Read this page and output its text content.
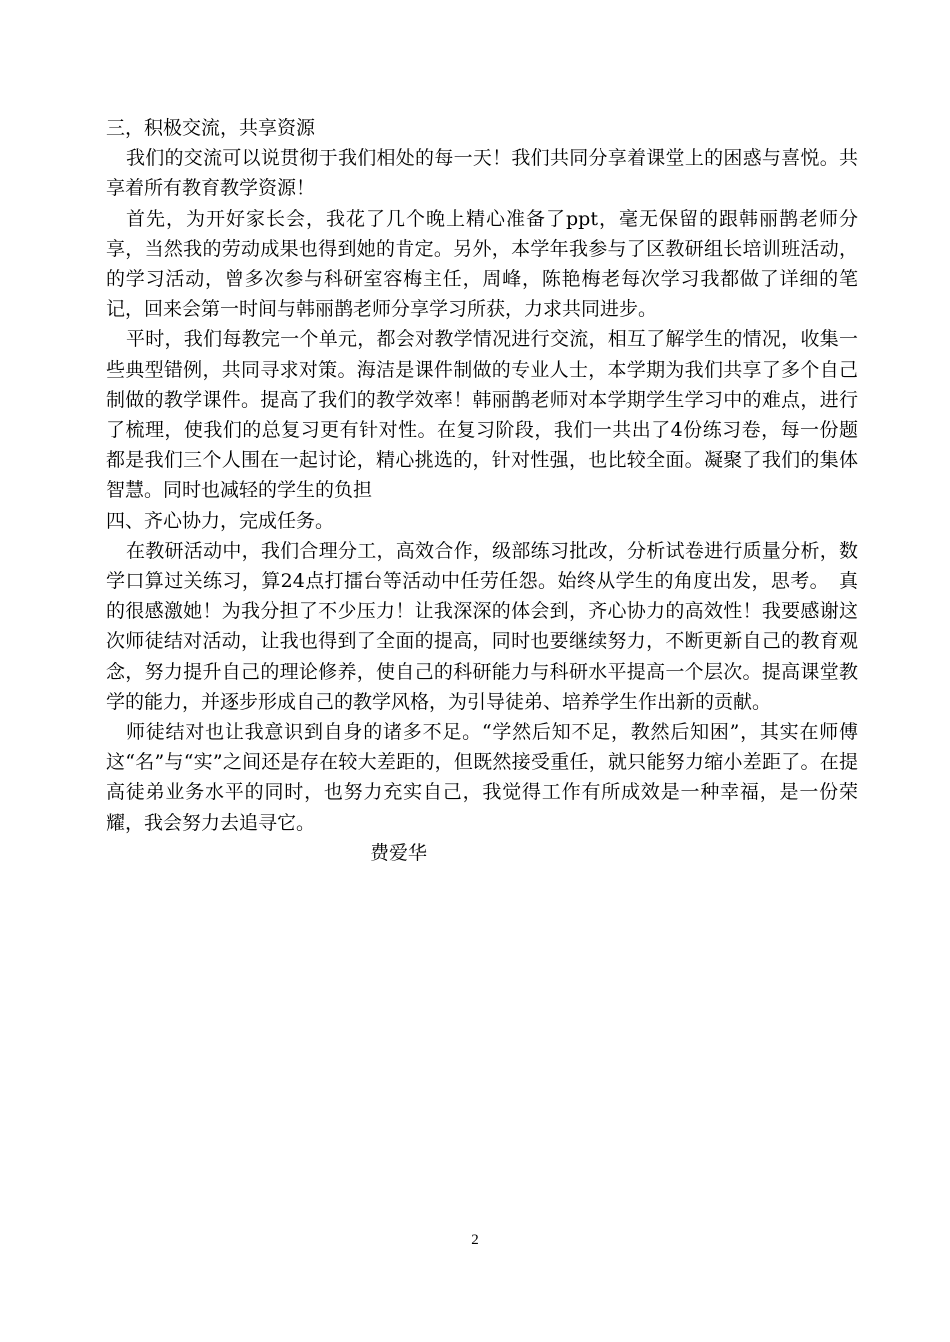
三，积极交流，共享资源

我们的交流可以说贯彻于我们相处的每一天！我们共同分享着课堂上的困惑与喜悦。共享着所有教育教学资源！

首先，为开好家长会，我花了几个晚上精心准备了ppt，毫无保留的跟韩丽鹊老师分享，当然我的劳动成果也得到她的肯定。另外，本学年我参与了区教研组长培训班活动，的学习活动，曾多次参与科研室容梅主任，周峰，陈艳梅老每次学习我都做了详细的笔记，回来会第一时间与韩丽鹊老师分享学习所获，力求共同进步。

平时，我们每教完一个单元，都会对教学情况进行交流，相互了解学生的情况，收集一些典型错例，共同寻求对策。海洁是课件制做的专业人士，本学期为我们共享了多个自己制做的教学课件。提高了我们的教学效率！韩丽鹊老师对本学期学生学习中的难点，进行了梳理，使我们的总复习更有针对性。在复习阶段，我们一共出了4份练习卷，每一份题都是我们三个人围在一起讨论，精心挑选的，针对性强，也比较全面。凝聚了我们的集体智慧。同时也减轻的学生的负担

四、齐心协力，完成任务。

在教研活动中，我们合理分工，高效合作，级部练习批改，分析试卷进行质量分析，数学口算过关练习，算24点打擂台等活动中任劳任怨。始终从学生的角度出发，思考。　真的很感激她！为我分担了不少压力！让我深深的体会到，齐心协力的高效性！我要感谢这次师徒结对活动，让我也得到了全面的提高，同时也要继续努力，不断更新自己的教育观念，努力提升自己的理论修养，使自己的科研能力与科研水平提高一个层次。提高课堂教学的能力，并逐步形成自己的教学风格，为引导徒弟、培养学生作出新的贡献。

师徒结对也让我意识到自身的诸多不足。“学然后知不足，教然后知困”，其实在师傅这“名”与“实”之间还是存在较大差距的，但既然接受重任，就只能努力缩小差距了。在提高徒弟业务水平的同时，也努力充实自己，我觉得工作有所成效是一种幸福，是一份荣耀，我会努力去追寻它。

费爱华

2
